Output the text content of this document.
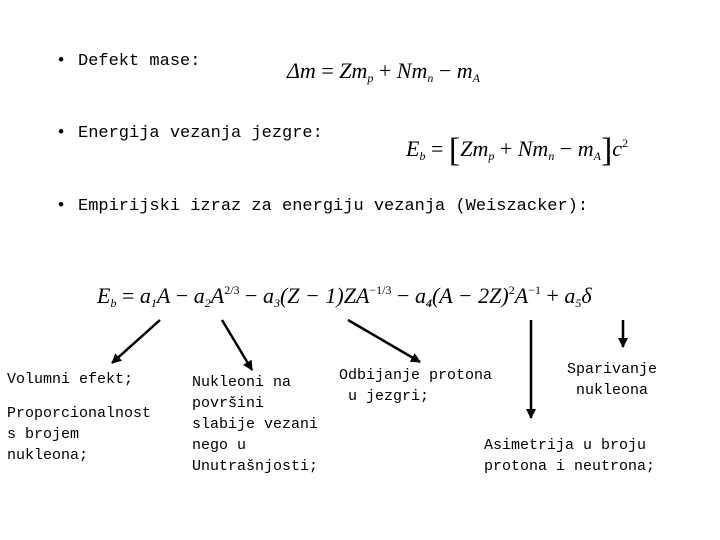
• Defekt mase:
• Energija vezanja jezgre:
• Empirijski izraz za energiju vezanja (Weiszacker):
$\Delta m = Zm_p + Nm_n - m_A$
$E_b = [Zm_p + Nm_n - m_A]c^2$
$E_b = a_1A - a_2A^{2/3} - a_3(Z - 1)ZA^{-1/3} - a_4(A - 2Z)^2A^{-1} + a_5\delta$
Volumni efekt;
Proporcionalnost
s brojem
nukleona;
Nukleoni na
površini
slabije vezani
nego u
Unutrašnjosti;
Odbijanje protona
u jezgri;
Sparivanje
nukleona
Asimetrija u broju
protona i neutrona;
